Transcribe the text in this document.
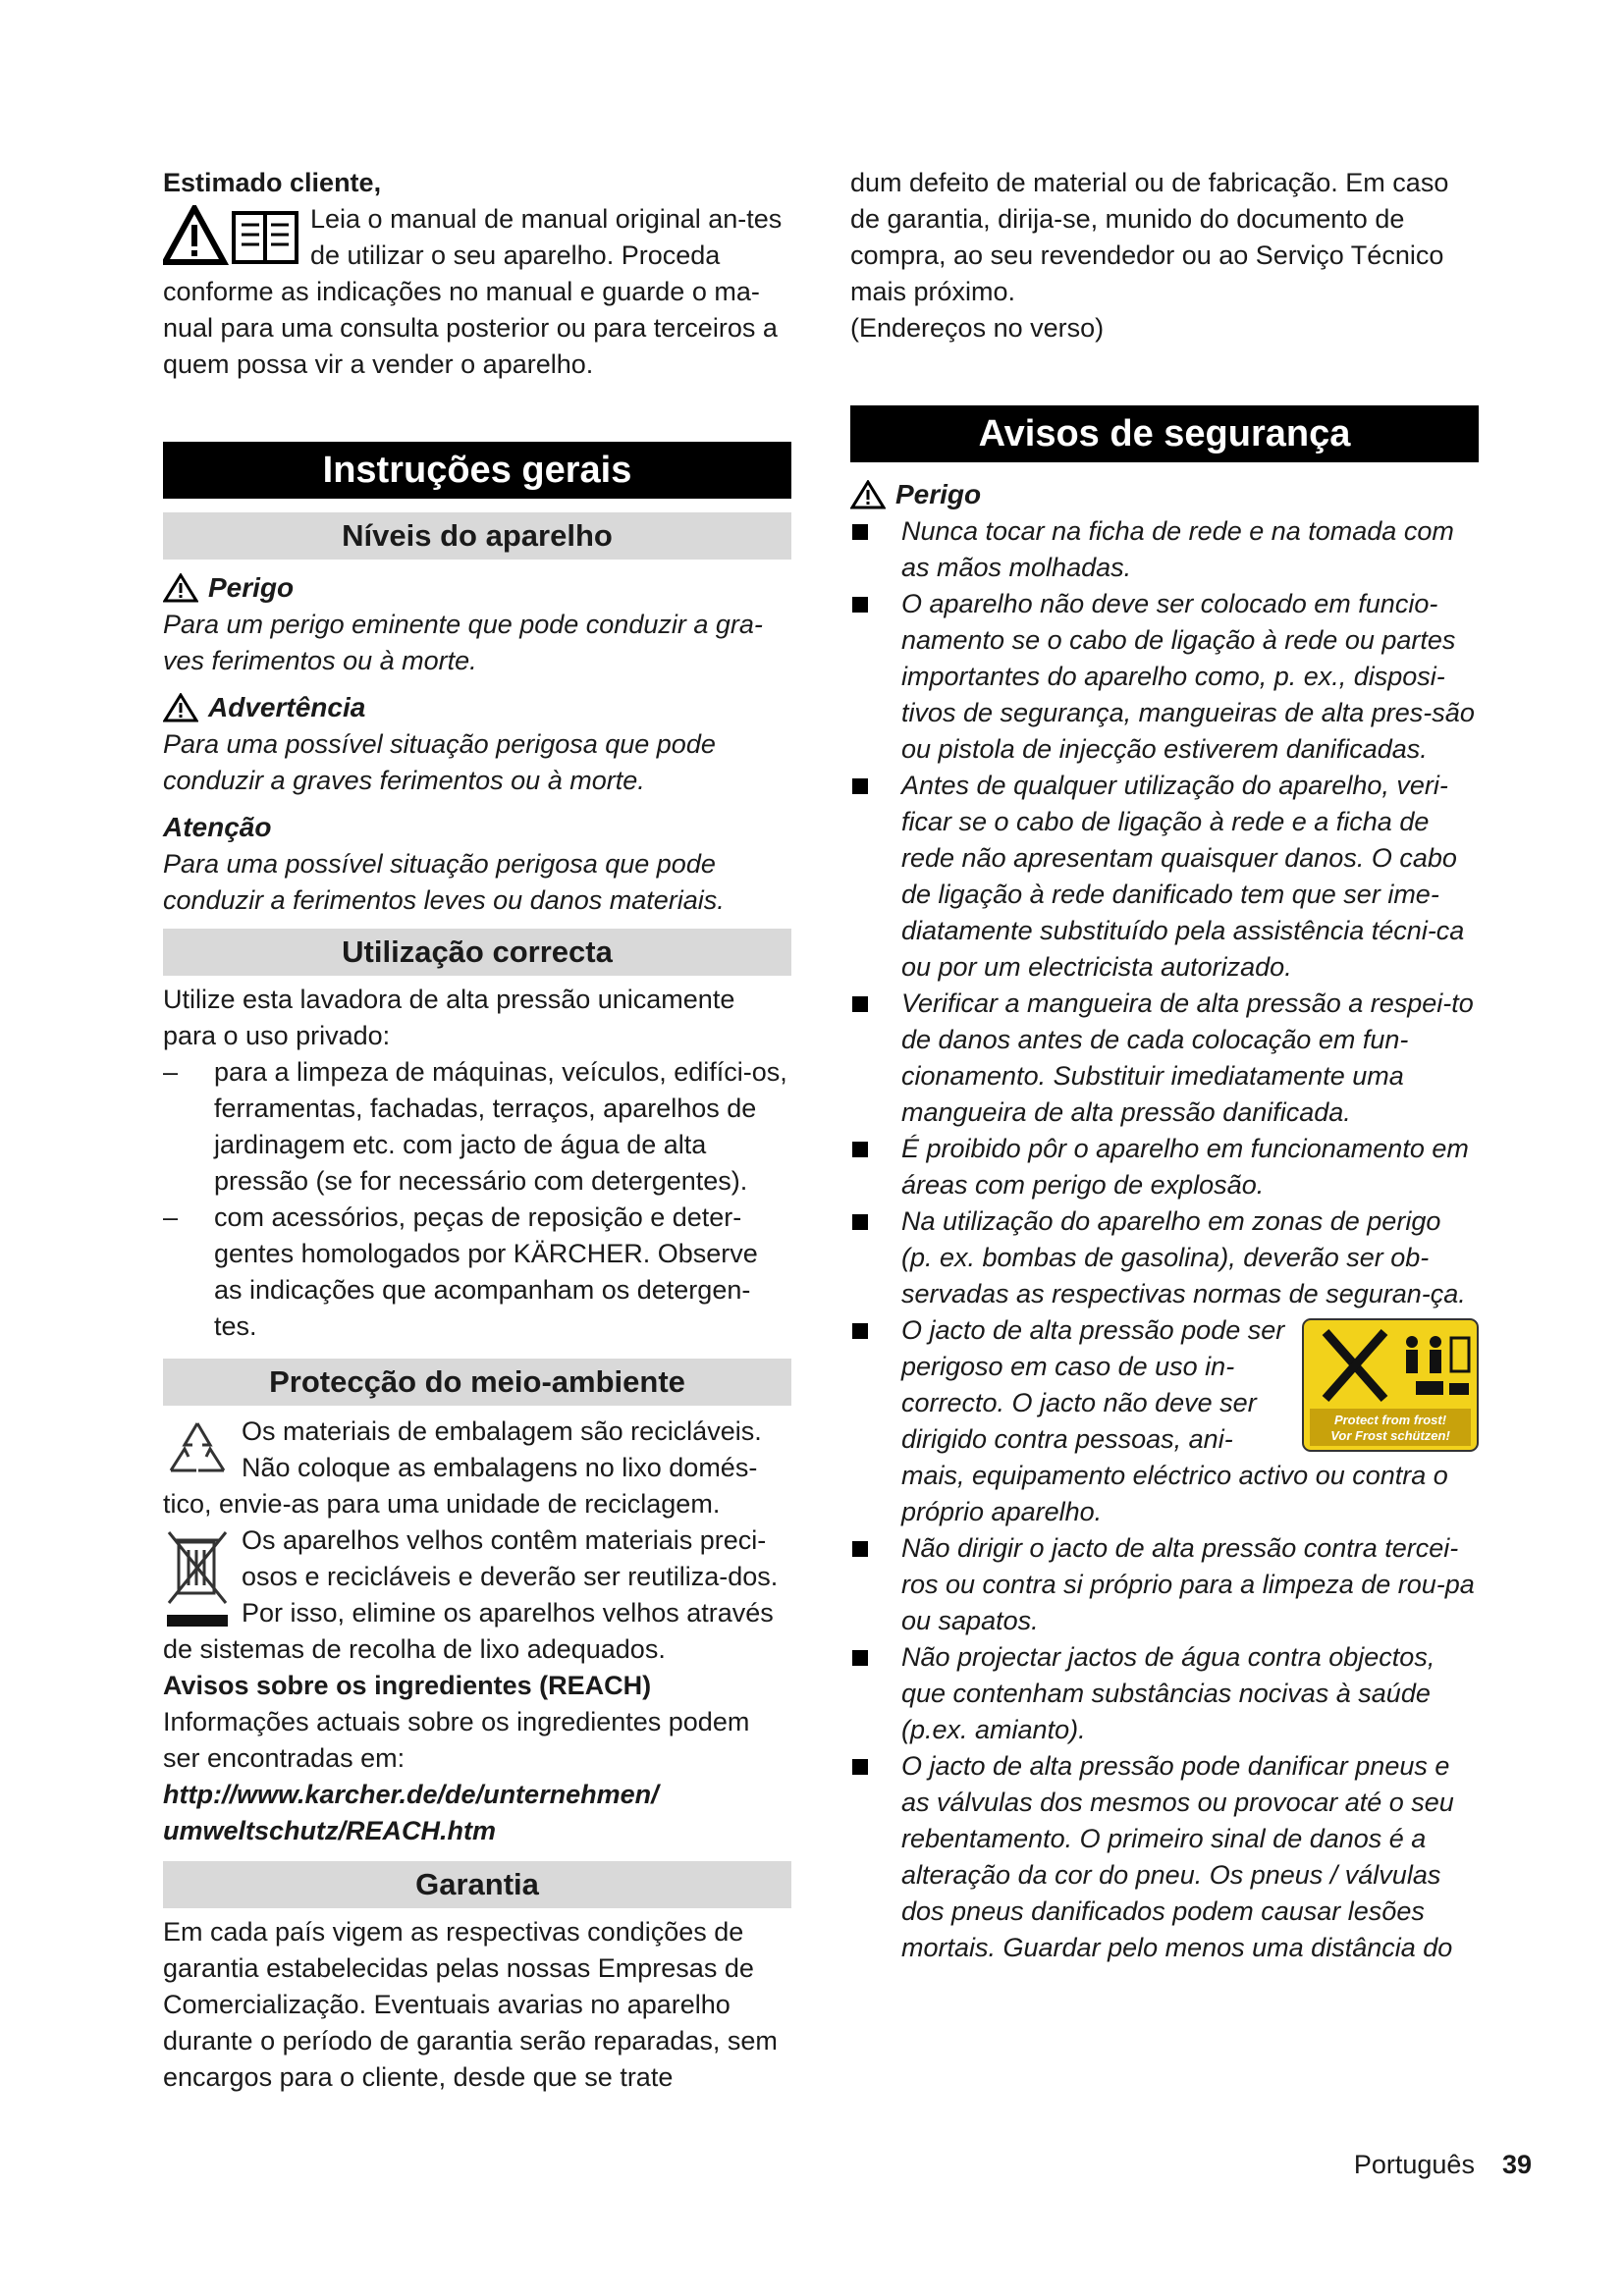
Estimado cliente,

Leia o manual de manual original an-tes de utilizar o seu aparelho. Proceda

conforme as indicações no manual e guarde o ma-nual para uma consulta posterior ou para terceiros a quem possa vir a vender o aparelho.

Instruções gerais
Níveis do aparelho
Perigo

Para um perigo eminente que pode conduzir a gra-ves ferimentos ou à morte.

Advertência

Para uma possível situação perigosa que pode conduzir a graves ferimentos ou à morte.

Atenção

Para uma possível situação perigosa que pode conduzir a ferimentos leves ou danos materiais.

Utilização correcta

Utilize esta lavadora de alta pressão unicamente para o uso privado:

– para a limpeza de máquinas, veículos, edifíci-os, ferramentas, fachadas, terraços, aparelhos de jardinagem etc. com jacto de água de alta pressão (se for necessário com detergentes).
– com acessórios, peças de reposição e deter-gentes homologados por KÄRCHER. Observe as indicações que acompanham os detergen-tes.
Protecção do meio-ambiente

Os materiais de embalagem são recicláveis. Não coloque as embalagens no lixo domés-tico, envie-as para uma unidade de reciclagem.

Os aparelhos velhos contêm materiais preci-osos e recicláveis e deverão ser reutiliza-dos. Por isso, elimine os aparelhos velhos através de sistemas de recolha de lixo adequados.

Avisos sobre os ingredientes (REACH)

Informações actuais sobre os ingredientes podem ser encontradas em:

http://www.karcher.de/de/unternehmen/

umweltschutz/REACH.htm

Garantia

Em cada país vigem as respectivas condições de garantia estabelecidas pelas nossas Empresas de Comercialização. Eventuais avarias no aparelho durante o período de garantia serão reparadas, sem encargos para o cliente, desde que se trate

dum defeito de material ou de fabricação. Em caso de garantia, dirija-se, munido do documento de compra, ao seu revendedor ou ao Serviço Técnico mais próximo.

(Endereços no verso)

Avisos de segurança
Perigo
Nunca tocar na ficha de rede e na tomada com as mãos molhadas.
O aparelho não deve ser colocado em funcio-namento se o cabo de ligação à rede ou partes importantes do aparelho como, p. ex., disposi-tivos de segurança, mangueiras de alta pres-são ou pistola de injecção estiverem danificadas.
Antes de qualquer utilização do aparelho, veri-ficar se o cabo de ligação à rede e a ficha de rede não apresentam quaisquer danos. O cabo de ligação à rede danificado tem que ser ime-diatamente substituído pela assistência técni-ca ou por um electricista autorizado.
Verificar a mangueira de alta pressão a respei-to de danos antes de cada colocação em fun-cionamento. Substituir imediatamente uma mangueira de alta pressão danificada.
É proibido pôr o aparelho em funcionamento em áreas com perigo de explosão.
Na utilização do aparelho em zonas de perigo (p. ex. bombas de gasolina), deverão ser ob-servadas as respectivas normas de seguran-ça.
Protect from frost!
Vor Frost schützen!
O jacto de alta pressão pode ser perigoso em caso de uso in-correcto. O jacto não deve ser dirigido contra pessoas, ani-mais, equipamento eléctrico activo ou contra o próprio aparelho.
Não dirigir o jacto de alta pressão contra tercei-ros ou contra si próprio para a limpeza de rou-pa ou sapatos.
Não projectar jactos de água contra objectos, que contenham substâncias nocivas à saúde (p.ex. amianto).
O jacto de alta pressão pode danificar pneus e as válvulas dos mesmos ou provocar até o seu rebentamento. O primeiro sinal de danos é a alteração da cor do pneu. Os pneus / válvulas dos pneus danificados podem causar lesões mortais. Guardar pelo menos uma distância do
Português 39
